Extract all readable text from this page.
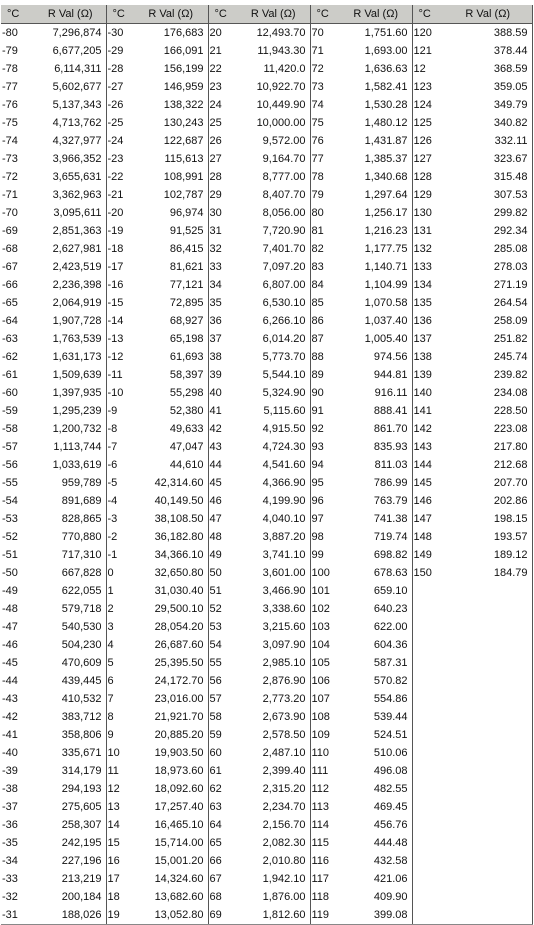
°C	R Val (Ω)	°C	R Val (Ω)	°C	R Val (Ω)	°C	R Val (Ω)	°C	R Val (Ω)
-80	7,296,874	-30	176,683	20	12,493.70	70	1,751.60	120	388.59
-79	6,677,205	-29	166,091	21	11,943.30	71	1,693.00	121	378.44
-78	6,114,311	-28	156,199	22	11,420.0	72	1,636.63	12	368.59
-77	5,602,677	-27	146,959	23	10,922.70	73	1,582.41	123	359.05
-76	5,137,343	-26	138,322	24	10,449.90	74	1,530.28	124	349.79
-75	4,713,762	-25	130,243	25	10,000.00	75	1,480.12	125	340.82
-74	4,327,977	-24	122,687	26	9,572.00	76	1,431.87	126	332.11
-73	3,966,352	-23	115,613	27	9,164.70	77	1,385.37	127	323.67
-72	3,655,631	-22	108,991	28	8,777.00	78	1,340.68	128	315.48
-71	3,362,963	-21	102,787	29	8,407.70	79	1,297.64	129	307.53
-70	3,095,611	-20	96,974	30	8,056.00	80	1,256.17	130	299.82
-69	2,851,363	-19	91,525	31	7,720.90	81	1,216.23	131	292.34
-68	2,627,981	-18	86,415	32	7,401.70	82	1,177.75	132	285.08
-67	2,423,519	-17	81,621	33	7,097.20	83	1,140.71	133	278.03
-66	2,236,398	-16	77,121	34	6,807.00	84	1,104.99	134	271.19
-65	2,064,919	-15	72,895	35	6,530.10	85	1,070.58	135	264.54
-64	1,907,728	-14	68,927	36	6,266.10	86	1,037.40	136	258.09
-63	1,763,539	-13	65,198	37	6,014.20	87	1,005.40	137	251.82
-62	1,631,173	-12	61,693	38	5,773.70	88	974.56	138	245.74
-61	1,509,639	-11	58,397	39	5,544.10	89	944.81	139	239.82
-60	1,397,935	-10	55,298	40	5,324.90	90	916.11	140	234.08
-59	1,295,239	-9	52,380	41	5,115.60	91	888.41	141	228.50
-58	1,200,732	-8	49,633	42	4,915.50	92	861.70	142	223.08
-57	1,113,744	-7	47,047	43	4,724.30	93	835.93	143	217.80
-56	1,033,619	-6	44,610	44	4,541.60	94	811.03	144	212.68
-55	959,789	-5	42,314.60	45	4,366.90	95	786.99	145	207.70
-54	891,689	-4	40,149.50	46	4,199.90	96	763.79	146	202.86
-53	828,865	-3	38,108.50	47	4,040.10	97	741.38	147	198.15
-52	770,880	-2	36,182.80	48	3,887.20	98	719.74	148	193.57
-51	717,310	-1	34,366.10	49	3,741.10	99	698.82	149	189.12
-50	667,828	0	32,650.80	50	3,601.00	100	678.63	150	184.79
-49	622,055	1	31,030.40	51	3,466.90	101	659.10		
-48	579,718	2	29,500.10	52	3,338.60	102	640.23		
-47	540,530	3	28,054.20	53	3,215.60	103	622.00		
-46	504,230	4	26,687.60	54	3,097.90	104	604.36		
-45	470,609	5	25,395.50	55	2,985.10	105	587.31		
-44	439,445	6	24,172.70	56	2,876.90	106	570.82		
-43	410,532	7	23,016.00	57	2,773.20	107	554.86		
-42	383,712	8	21,921.70	58	2,673.90	108	539.44		
-41	358,806	9	20,885.20	59	2,578.50	109	524.51		
-40	335,671	10	19,903.50	60	2,487.10	110	510.06		
-39	314,179	11	18,973.60	61	2,399.40	111	496.08		
-38	294,193	12	18,092.60	62	2,315.20	112	482.55		
-37	275,605	13	17,257.40	63	2,234.70	113	469.45		
-36	258,307	14	16,465.10	64	2,156.70	114	456.76		
-35	242,195	15	15,714.00	65	2,082.30	115	444.48		
-34	227,196	16	15,001.20	66	2,010.80	116	432.58		
-33	213,219	17	14,324.60	67	1,942.10	117	421.06		
-32	200,184	18	13,682.60	68	1,876.00	118	409.90		
-31	188,026	19	13,052.80	69	1,812.60	119	399.08		
